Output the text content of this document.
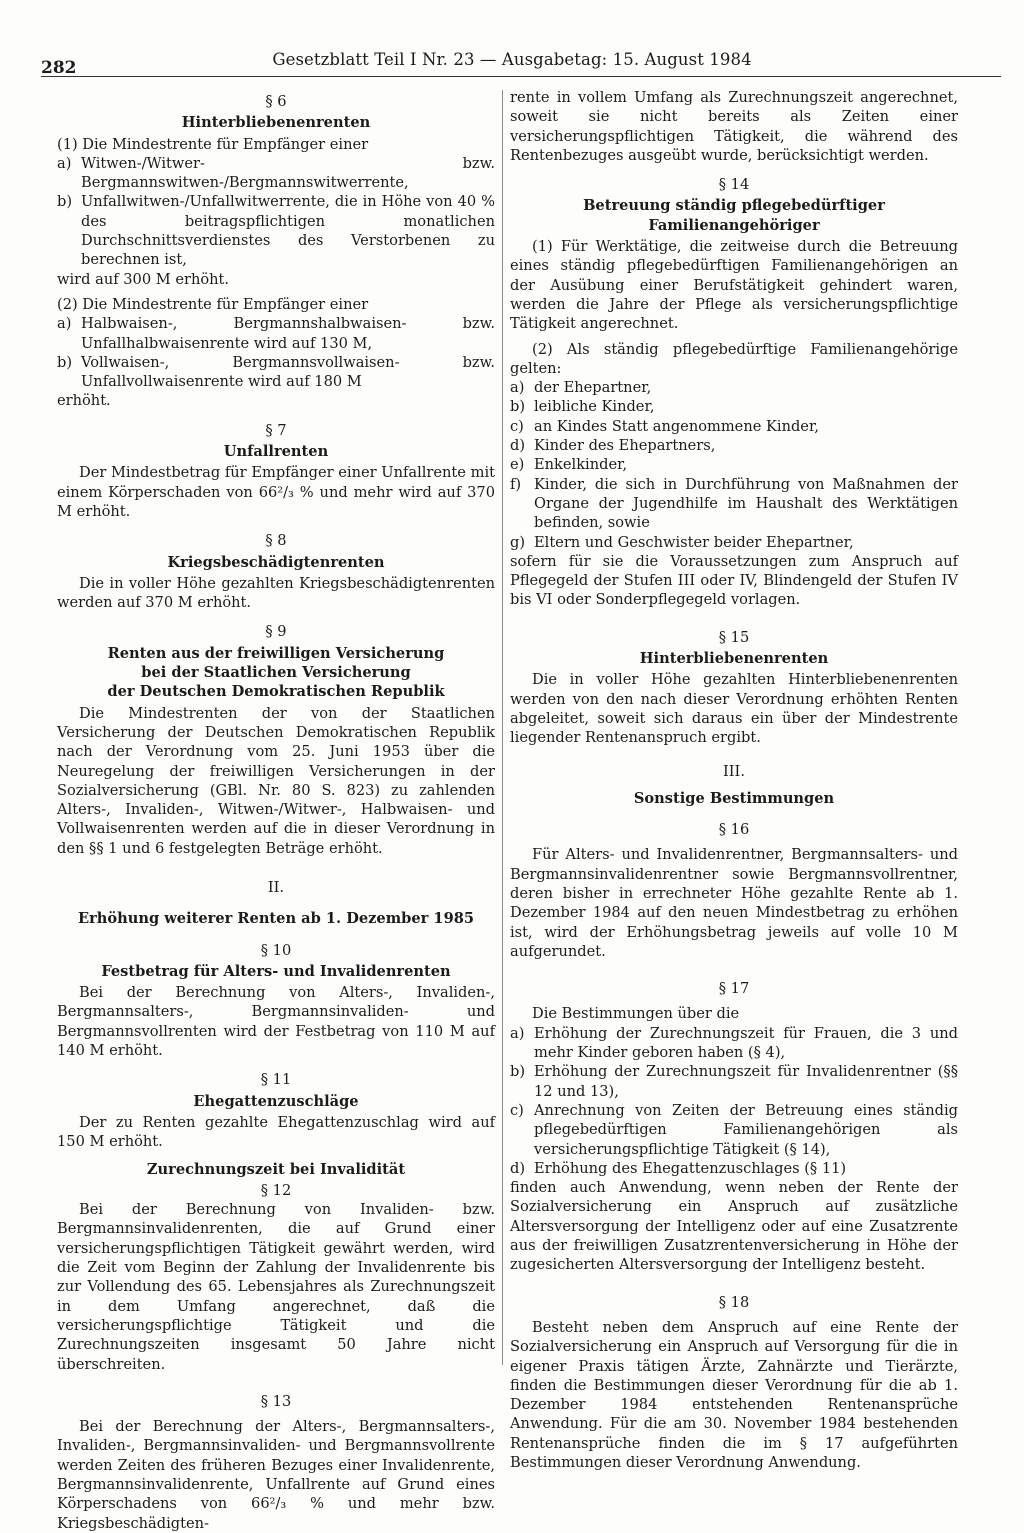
282	Gesetzblatt Teil I Nr. 23 — Ausgabetag: 15. August 1984
§ 6
Hinterbliebenenrenten

(1) Die Mindestrente für Empfänger einer

a) Witwen-/Witwer- bzw. Bergmannswitwen-/Bergmannswitwerrente,
b) Unfallwitwen-/Unfallwitwerrente, die in Höhe von 40 % des beitragspflichtigen monatlichen Durchschnittsverdienstes des Verstorbenen zu berechnen ist,

wird auf 300 M erhöht.

(2) Die Mindestrente für Empfänger einer

a) Halbwaisen-, Bergmannshalbwaisen- bzw. Unfallhalbwaisenrente wird auf 130 M,
b) Vollwaisen-, Bergmannsvollwaisen- bzw. Unfallvollwaisenrente wird auf 180 M

erhöht.

§ 7
Unfallrenten

Der Mindestbetrag für Empfänger einer Unfallrente mit einem Körperschaden von 66²/₃ % und mehr wird auf 370 M erhöht.

§ 8
Kriegsbeschädigtenrenten

Die in voller Höhe gezahlten Kriegsbeschädigtenrenten werden auf 370 M erhöht.

§ 9
Renten aus der freiwilligen Versicherung
bei der Staatlichen Versicherung
der Deutschen Demokratischen Republik

Die Mindestrenten der von der Staatlichen Versicherung der Deutschen Demokratischen Republik nach der Verordnung vom 25. Juni 1953 über die Neuregelung der freiwilligen Versicherungen in der Sozialversicherung (GBl. Nr. 80 S. 823) zu zahlenden Alters-, Invaliden-, Witwen-/Witwer-, Halbwaisen- und Vollwaisenrenten werden auf die in dieser Verordnung in den §§ 1 und 6 festgelegten Beträge erhöht.

II.
Erhöhung weiterer Renten ab 1. Dezember 1985
§ 10
Festbetrag für Alters- und Invalidenrenten

Bei der Berechnung von Alters-, Invaliden-, Bergmannsalters-, Bergmannsinvaliden- und Bergmannsvollrenten wird der Festbetrag von 110 M auf 140 M erhöht.

§ 11
Ehegattenzuschläge

Der zu Renten gezahlte Ehegattenzuschlag wird auf 150 M erhöht.

Zurechnungszeit bei Invalidität
§ 12

Bei der Berechnung von Invaliden- bzw. Bergmannsinvalidenrenten, die auf Grund einer versicherungspflichtigen Tätigkeit gewährt werden, wird die Zeit vom Beginn der Zahlung der Invalidenrente bis zur Vollendung des 65. Lebensjahres als Zurechnungszeit in dem Umfang angerechnet, daß die versicherungspflichtige Tätigkeit und die Zurechnungszeiten insgesamt 50 Jahre nicht überschreiten.

§ 13

Bei der Berechnung der Alters-, Bergmannsalters-, Invaliden-, Bergmannsinvaliden- und Bergmannsvollrente werden Zeiten des früheren Bezuges einer Invalidenrente, Bergmannsinvalidenrente, Unfallrente auf Grund eines Körperschadens von 66²/₃ % und mehr bzw. Kriegsbeschädigten-

rente in vollem Umfang als Zurechnungszeit angerechnet, soweit sie nicht bereits als Zeiten einer versicherungspflichtigen Tätigkeit, die während des Rentenbezuges ausgeübt wurde, berücksichtigt werden.

§ 14
Betreuung ständig pflegebedürftiger
Familienangehöriger

(1) Für Werktätige, die zeitweise durch die Betreuung eines ständig pflegebedürftigen Familienangehörigen an der Ausübung einer Berufstätigkeit gehindert waren, werden die Jahre der Pflege als versicherungspflichtige Tätigkeit angerechnet.

(2) Als ständig pflegebedürftige Familienangehörige gelten:

a) der Ehepartner,
b) leibliche Kinder,
c) an Kindes Statt angenommene Kinder,
d) Kinder des Ehepartners,
e) Enkelkinder,
f) Kinder, die sich in Durchführung von Maßnahmen der Organe der Jugendhilfe im Haushalt des Werktätigen befinden, sowie
g) Eltern und Geschwister beider Ehepartner,

sofern für sie die Voraussetzungen zum Anspruch auf Pflegegeld der Stufen III oder IV, Blindengeld der Stufen IV bis VI oder Sonderpflegegeld vorlagen.

§ 15
Hinterbliebenenrenten

Die in voller Höhe gezahlten Hinterbliebenenrenten werden von den nach dieser Verordnung erhöhten Renten abgeleitet, soweit sich daraus ein über der Mindestrente liegender Rentenanspruch ergibt.

III.
Sonstige Bestimmungen
§ 16

Für Alters- und Invalidenrentner, Bergmannsalters- und Bergmannsinvalidenrentner sowie Bergmannsvollrentner, deren bisher in errechneter Höhe gezahlte Rente ab 1. Dezember 1984 auf den neuen Mindestbetrag zu erhöhen ist, wird der Erhöhungsbetrag jeweils auf volle 10 M aufgerundet.

§ 17

Die Bestimmungen über die

a) Erhöhung der Zurechnungszeit für Frauen, die 3 und mehr Kinder geboren haben (§ 4),
b) Erhöhung der Zurechnungszeit für Invalidenrentner (§§ 12 und 13),
c) Anrechnung von Zeiten der Betreuung eines ständig pflegebedürftigen Familienangehörigen als versicherungspflichtige Tätigkeit (§ 14),
d) Erhöhung des Ehegattenzuschlages (§ 11)

finden auch Anwendung, wenn neben der Rente der Sozialversicherung ein Anspruch auf zusätzliche Altersversorgung der Intelligenz oder auf eine Zusatzrente aus der freiwilligen Zusatzrentenversicherung in Höhe der zugesicherten Altersversorgung der Intelligenz besteht.

§ 18

Besteht neben dem Anspruch auf eine Rente der Sozialversicherung ein Anspruch auf Versorgung für die in eigener Praxis tätigen Ärzte, Zahnärzte und Tierärzte, finden die Bestimmungen dieser Verordnung für die ab 1. Dezember 1984 entstehenden Rentenansprüche Anwendung. Für die am 30. November 1984 bestehenden Rentenansprüche finden die im § 17 aufgeführten Bestimmungen dieser Verordnung Anwendung.
